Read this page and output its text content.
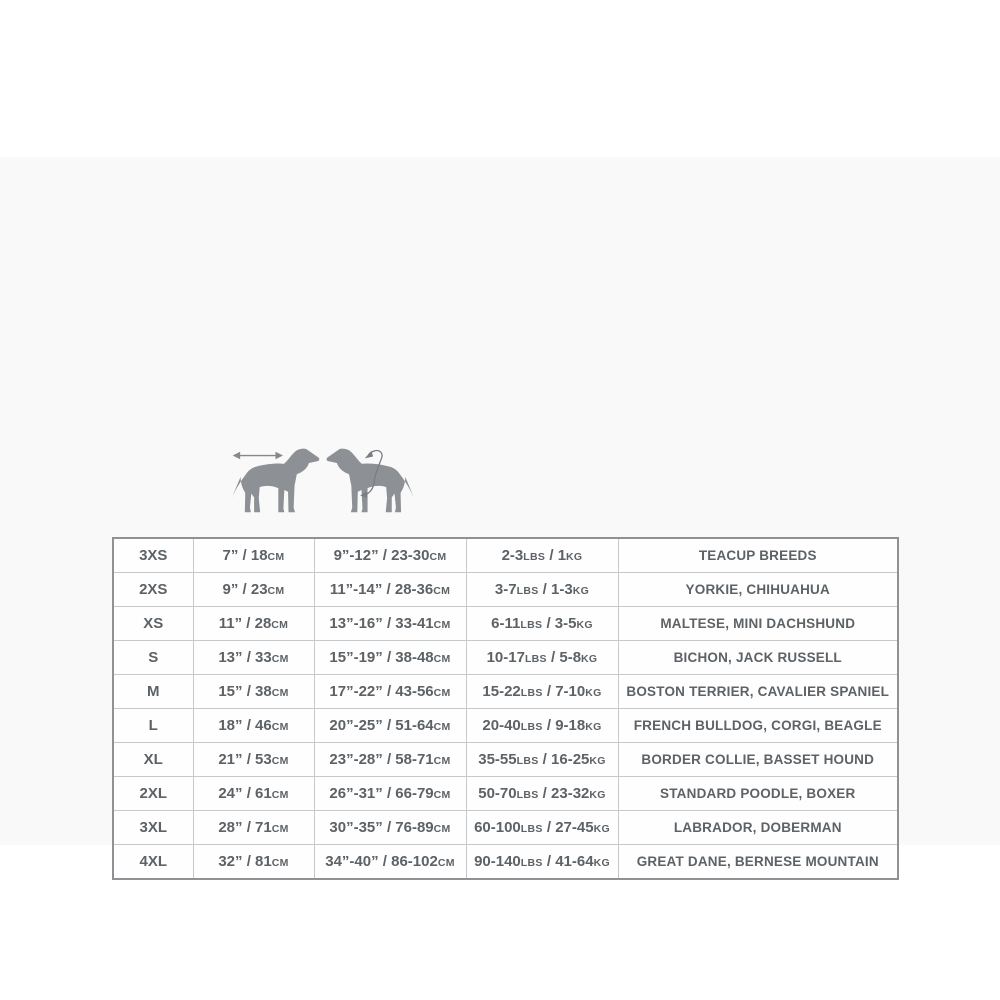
3XS	7” / 18CM	9”-12” / 23-30CM	2-3LBS / 1KG	TEACUP BREEDS
2XS	9” / 23CM	11”-14” / 28-36CM	3-7LBS / 1-3KG	YORKIE, CHIHUAHUA
XS	11” / 28CM	13”-16” / 33-41CM	6-11LBS / 3-5KG	MALTESE, MINI DACHSHUND
S	13” / 33CM	15”-19” / 38-48CM	10-17LBS / 5-8KG	BICHON, JACK RUSSELL
M	15” / 38CM	17”-22” / 43-56CM	15-22LBS / 7-10KG	BOSTON TERRIER, CAVALIER SPANIEL
L	18” / 46CM	20”-25” / 51-64CM	20-40LBS / 9-18KG	FRENCH BULLDOG, CORGI, BEAGLE
XL	21” / 53CM	23”-28” / 58-71CM	35-55LBS / 16-25KG	BORDER COLLIE, BASSET HOUND
2XL	24” / 61CM	26”-31” / 66-79CM	50-70LBS / 23-32KG	STANDARD POODLE, BOXER
3XL	28” / 71CM	30”-35” / 76-89CM	60-100LBS / 27-45KG	LABRADOR, DOBERMAN
4XL	32” / 81CM	34”-40” / 86-102CM	90-140LBS / 41-64KG	GREAT DANE, BERNESE MOUNTAIN
